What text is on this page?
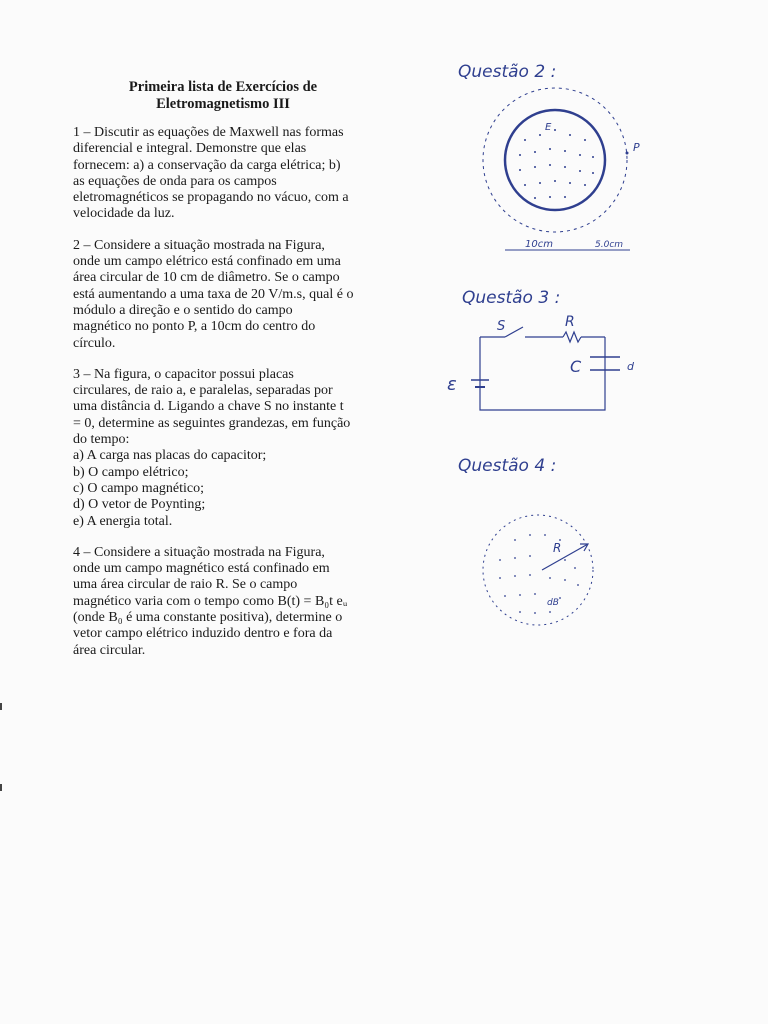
Primeira lista de Exercícios de
Eletromagnetismo III

1 – Discutir as equações de Maxwell nas formas

diferencial e integral. Demonstre que elas

fornecem: a) a conservação da carga elétrica; b)

as equações de onda para os campos

eletromagnéticos se propagando no vácuo, com a

velocidade da luz.

2 – Considere a situação mostrada na Figura,

onde um campo elétrico está confinado em uma

área circular de 10 cm de diâmetro. Se o campo

está aumentando a uma taxa de 20 V/m.s, qual é o

módulo a direção e o sentido do campo

magnético no ponto P, a 10cm do centro do

círculo.

3 – Na figura, o capacitor possui placas

circulares, de raio a, e paralelas, separadas por

uma distância d. Ligando a chave S no instante t

= 0, determine as seguintes grandezas, em função

do tempo:

a) A carga nas placas do capacitor;

b) O campo elétrico;

c) O campo magnético;

d) O vetor de Poynting;

e) A energia total.

4 – Considere a situação mostrada na Figura,

onde um campo magnético está confinado em

uma área circular de raio R. Se o campo

magnético varia com o tempo como B(t) = B₀t eᵤ

(onde B₀ é uma constante positiva), determine o

vetor campo elétrico induzido dentro e fora da

área circular.

Questão 2 :
E
P
10cm	5.0cm
Questão 3 :
S	R
C	d
ε
Questão 4 :
R
dB
